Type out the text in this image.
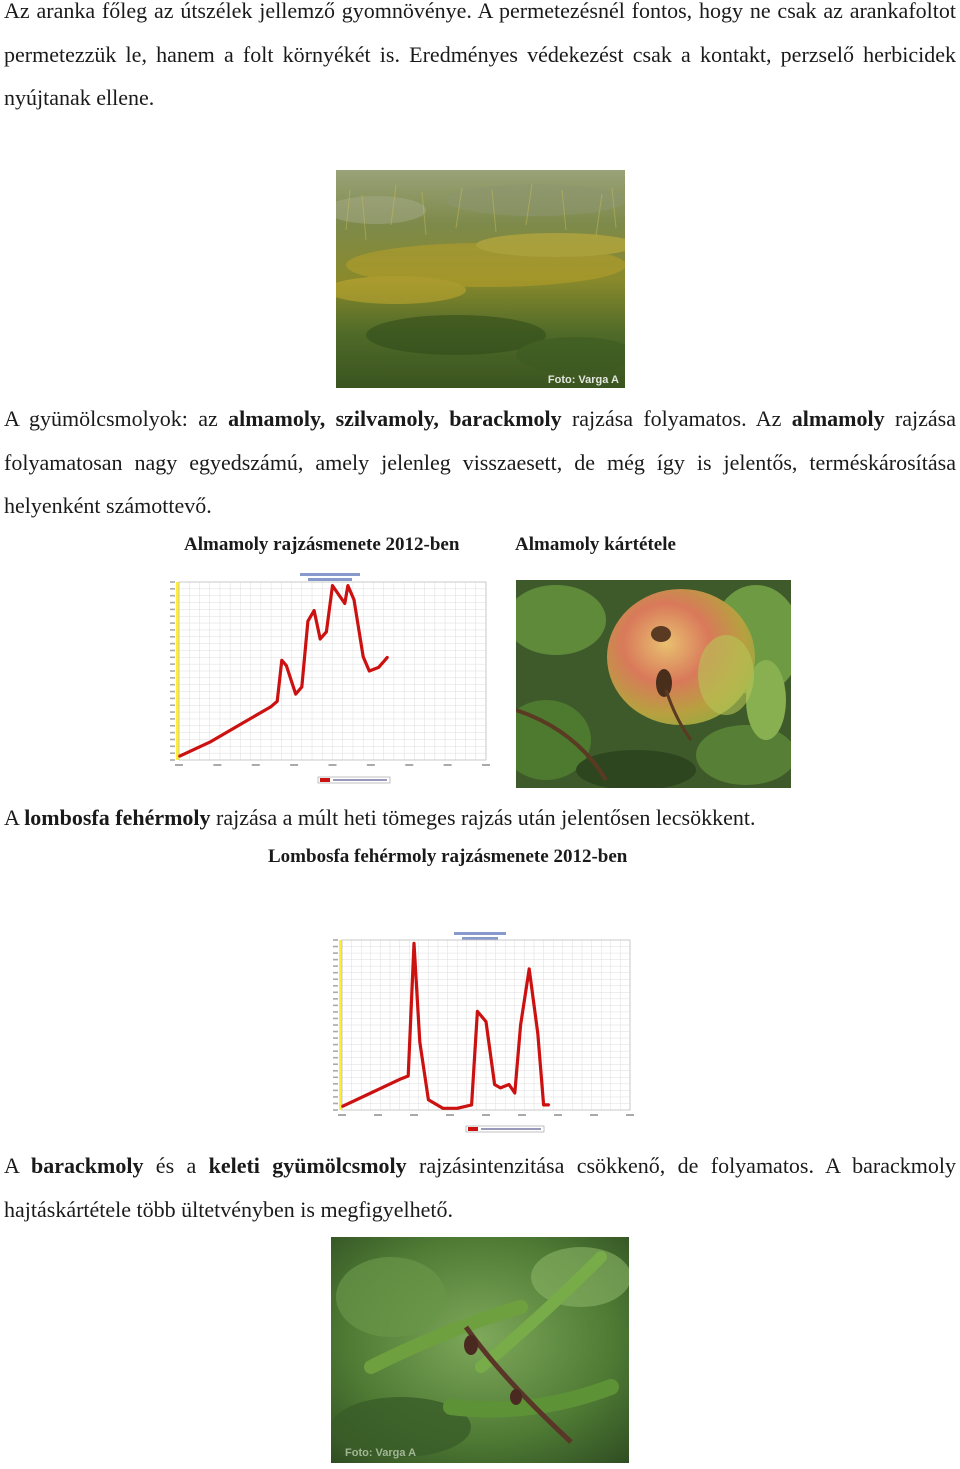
Az aranka főleg az útszélek jellemző gyomnövénye. A permetezésnél fontos, hogy ne csak az arankafoltot permetezzük le, hanem a folt környékét is. Eredményes védekezést csak a kontakt, perzselő herbicidek nyújtanak ellene.

Foto: Varga A

A gyümölcsmolyok: az almamoly, szilvamoly, barackmoly rajzása folyamatos. Az almamoly rajzása folyamatosan nagy egyedszámú, amely jelenleg visszaesett, de még így is jelentős, terméskárosítása helyenként számottevő.

Almamoly rajzásmenete 2012-ben	Almamoly kártétele

A lombosfa fehérmoly rajzása a múlt heti tömeges rajzás után jelentősen lecsökkent.

Lombosfa fehérmoly rajzásmenete 2012-ben

A barackmoly és a keleti gyümölcsmoly rajzásintenzitása csökkenő, de folyamatos. A barackmoly hajtáskártétele több ültetvényben is megfigyelhető.

Foto: Varga A
